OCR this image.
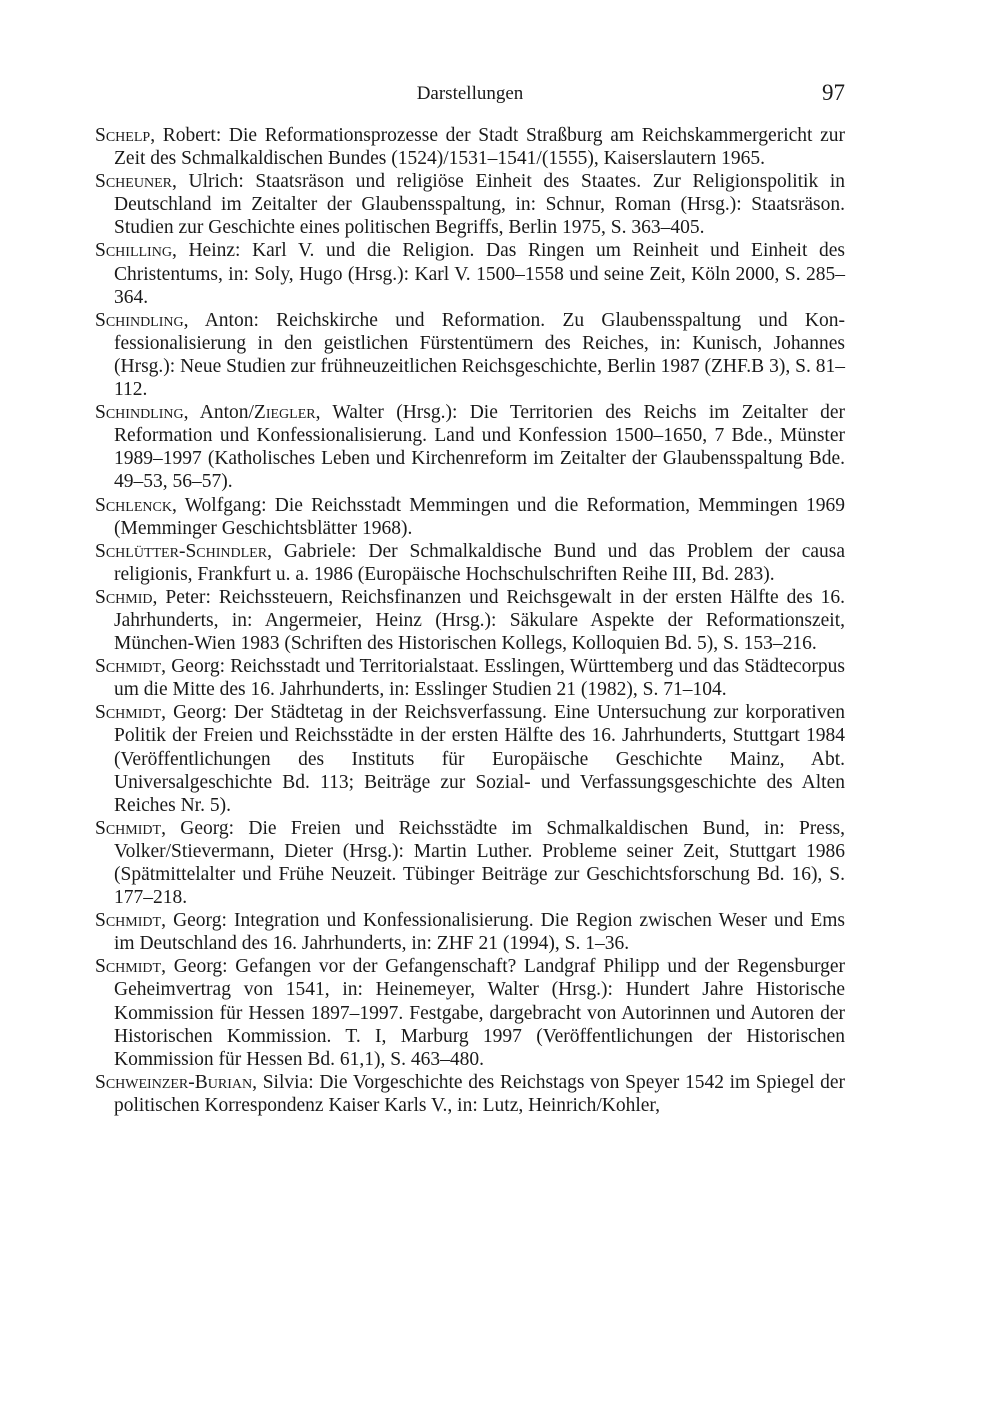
Darstellungen	97

Schelp, Robert: Die Reformationsprozesse der Stadt Straßburg am Reichskammergericht zur Zeit des Schmalkaldischen Bundes (1524)/1531–1541/(1555), Kaiserslautern 1965.

Scheuner, Ulrich: Staatsräson und religiöse Einheit des Staates. Zur Religionspolitik in Deutschland im Zeitalter der Glaubensspaltung, in: Schnur, Roman (Hrsg.): Staatsräson. Studien zur Geschichte eines politischen Begriffs, Berlin 1975, S. 363–405.

Schilling, Heinz: Karl V. und die Religion. Das Ringen um Reinheit und Einheit des Christentums, in: Soly, Hugo (Hrsg.): Karl V. 1500–1558 und seine Zeit, Köln 2000, S. 285–364.

Schindling, Anton: Reichskirche und Reformation. Zu Glaubensspaltung und Konfessionalisierung in den geistlichen Fürstentümern des Reiches, in: Kunisch, Johannes (Hrsg.): Neue Studien zur frühneuzeitlichen Reichsgeschichte, Berlin 1987 (ZHF.B 3), S. 81–112.

Schindling, Anton/Ziegler, Walter (Hrsg.): Die Territorien des Reichs im Zeitalter der Reformation und Konfessionalisierung. Land und Konfession 1500–1650, 7 Bde., Münster 1989–1997 (Katholisches Leben und Kirchenreform im Zeitalter der Glaubensspaltung Bde. 49–53, 56–57).

Schlenck, Wolfgang: Die Reichsstadt Memmingen und die Reformation, Memmingen 1969 (Memminger Geschichtsblätter 1968).

Schlütter-Schindler, Gabriele: Der Schmalkaldische Bund und das Problem der causa religionis, Frankfurt u. a. 1986 (Europäische Hochschulschriften Reihe III, Bd. 283).

Schmid, Peter: Reichssteuern, Reichsfinanzen und Reichsgewalt in der ersten Hälfte des 16. Jahrhunderts, in: Angermeier, Heinz (Hrsg.): Säkulare Aspekte der Reformationszeit, München-Wien 1983 (Schriften des Historischen Kollegs, Kolloquien Bd. 5), S. 153–216.

Schmidt, Georg: Reichsstadt und Territorialstaat. Esslingen, Württemberg und das Städtecorpus um die Mitte des 16. Jahrhunderts, in: Esslinger Studien 21 (1982), S. 71–104.

Schmidt, Georg: Der Städtetag in der Reichsverfassung. Eine Untersuchung zur korporativen Politik der Freien und Reichsstädte in der ersten Hälfte des 16. Jahrhunderts, Stuttgart 1984 (Veröffentlichungen des Instituts für Europäische Geschichte Mainz, Abt. Universalgeschichte Bd. 113; Beiträge zur Sozial- und Verfassungsgeschichte des Alten Reiches Nr. 5).

Schmidt, Georg: Die Freien und Reichsstädte im Schmalkaldischen Bund, in: Press, Volker/Stievermann, Dieter (Hrsg.): Martin Luther. Probleme seiner Zeit, Stuttgart 1986 (Spätmittelalter und Frühe Neuzeit. Tübinger Beiträge zur Geschichtsforschung Bd. 16), S. 177–218.

Schmidt, Georg: Integration und Konfessionalisierung. Die Region zwischen Weser und Ems im Deutschland des 16. Jahrhunderts, in: ZHF 21 (1994), S. 1–36.

Schmidt, Georg: Gefangen vor der Gefangenschaft? Landgraf Philipp und der Regensburger Geheimvertrag von 1541, in: Heinemeyer, Walter (Hrsg.): Hundert Jahre Historische Kommission für Hessen 1897–1997. Festgabe, dargebracht von Autorinnen und Autoren der Historischen Kommission. T. I, Marburg 1997 (Veröffentlichungen der Historischen Kommission für Hessen Bd. 61,1), S. 463–480.

Schweinzer-Burian, Silvia: Die Vorgeschichte des Reichstags von Speyer 1542 im Spiegel der politischen Korrespondenz Kaiser Karls V., in: Lutz, Heinrich/Kohler,
